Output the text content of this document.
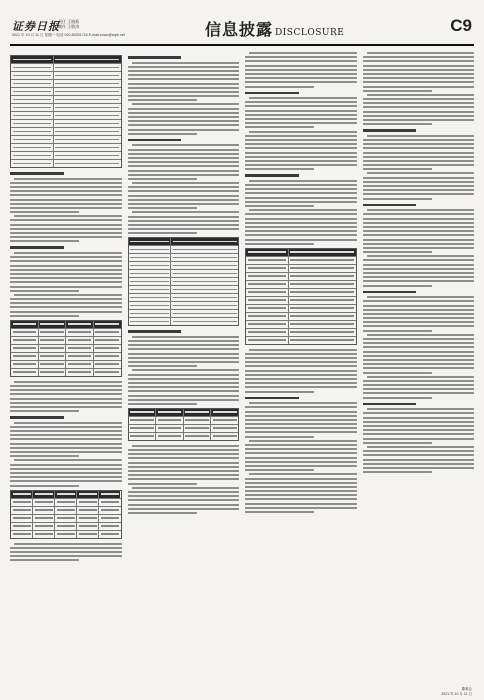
证券日报
责任 王晓燕
制作 王敬涛
2021 年 10 月 11 日 星期一 电话 010-83251716 E-mail:zmzx@zqrb.net	信息披露 DISCLOSURE	C9
董事会
2021 年 10 月 11 日
